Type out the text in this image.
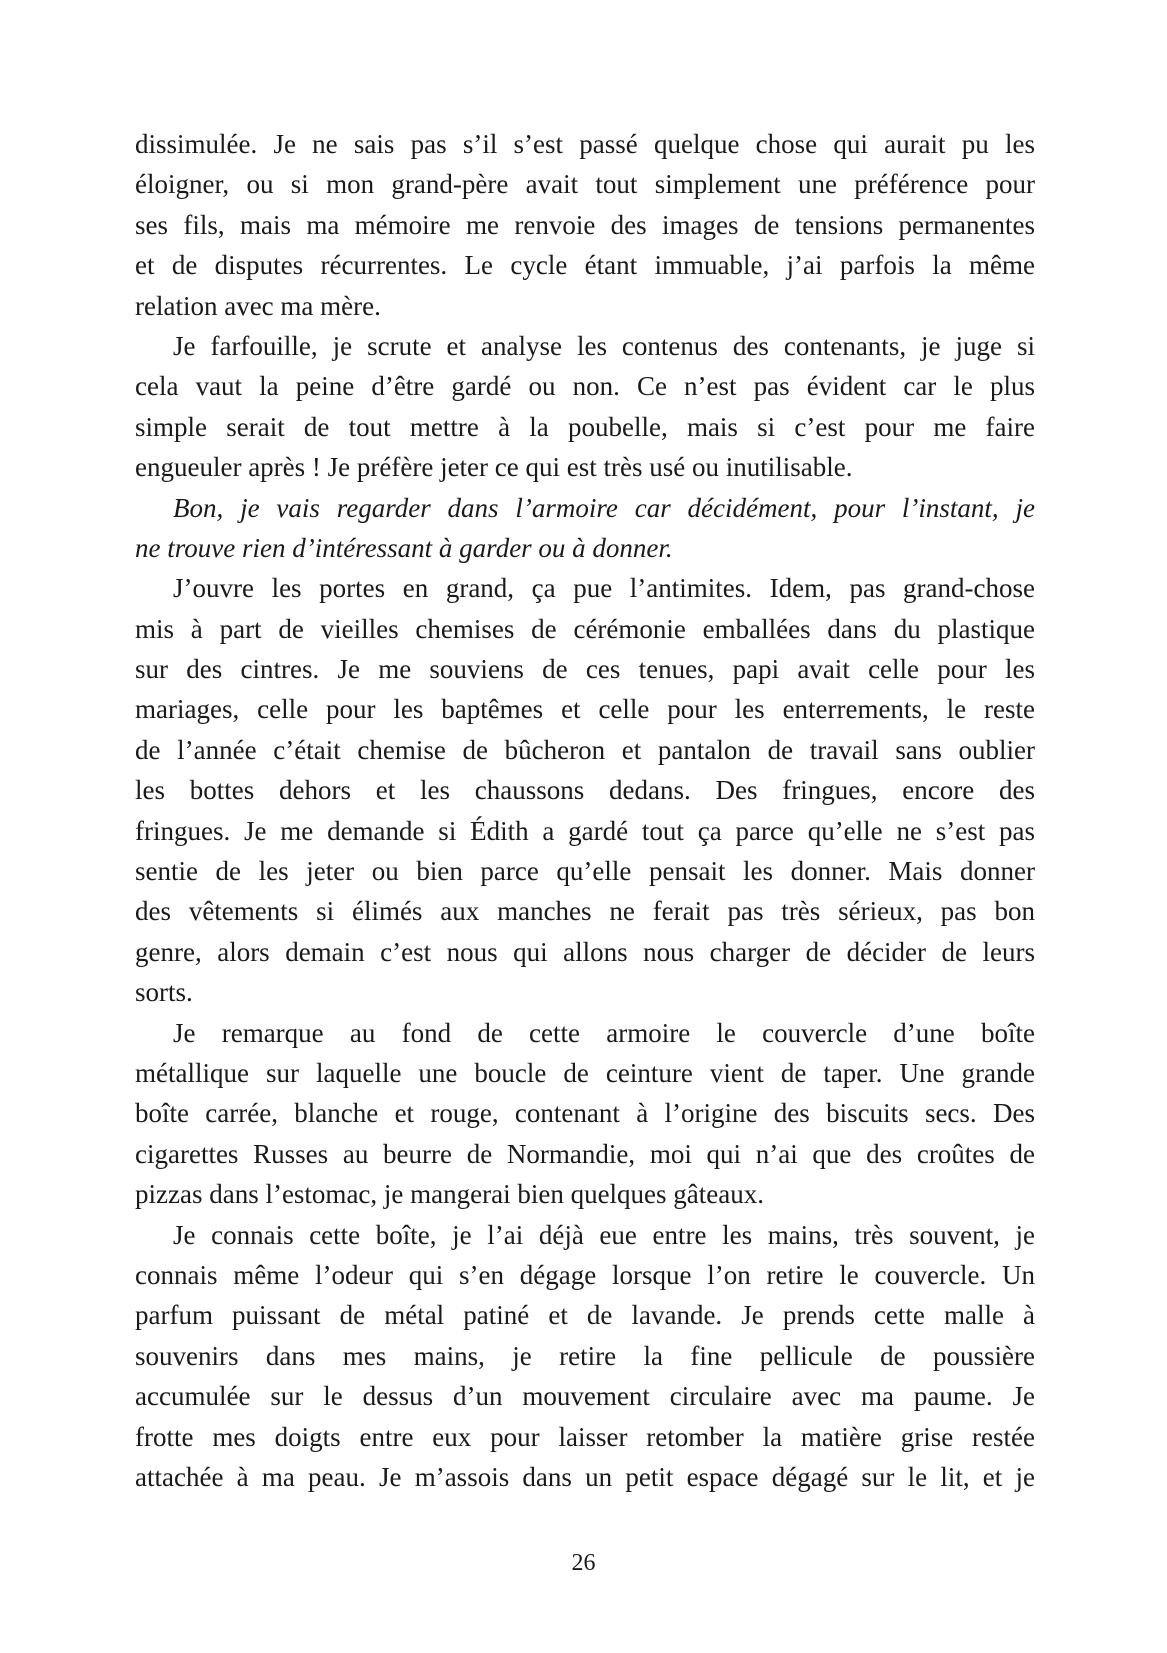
dissimulée. Je ne sais pas s’il s’est passé quelque chose qui aurait pu les
éloigner, ou si mon grand-père avait tout simplement une préférence pour
ses fils, mais ma mémoire me renvoie des images de tensions permanentes
et de disputes récurrentes. Le cycle étant immuable, j’ai parfois la même
relation avec ma mère.
Je farfouille, je scrute et analyse les contenus des contenants, je juge si
cela vaut la peine d’être gardé ou non. Ce n’est pas évident car le plus
simple serait de tout mettre à la poubelle, mais si c’est pour me faire
engueuler après ! Je préfère jeter ce qui est très usé ou inutilisable.
Bon, je vais regarder dans l’armoire car décidément, pour l’instant, je
ne trouve rien d’intéressant à garder ou à donner.
J’ouvre les portes en grand, ça pue l’antimites. Idem, pas grand-chose
mis à part de vieilles chemises de cérémonie emballées dans du plastique
sur des cintres. Je me souviens de ces tenues, papi avait celle pour les
mariages, celle pour les baptêmes et celle pour les enterrements, le reste
de l’année c’était chemise de bûcheron et pantalon de travail sans oublier
les bottes dehors et les chaussons dedans. Des fringues, encore des
fringues. Je me demande si Édith a gardé tout ça parce qu’elle ne s’est pas
sentie de les jeter ou bien parce qu’elle pensait les donner. Mais donner
des vêtements si élimés aux manches ne ferait pas très sérieux, pas bon
genre, alors demain c’est nous qui allons nous charger de décider de leurs
sorts.
Je remarque au fond de cette armoire le couvercle d’une boîte
métallique sur laquelle une boucle de ceinture vient de taper. Une grande
boîte carrée, blanche et rouge, contenant à l’origine des biscuits secs. Des
cigarettes Russes au beurre de Normandie, moi qui n’ai que des croûtes de
pizzas dans l’estomac, je mangerai bien quelques gâteaux.
Je connais cette boîte, je l’ai déjà eue entre les mains, très souvent, je
connais même l’odeur qui s’en dégage lorsque l’on retire le couvercle. Un
parfum puissant de métal patiné et de lavande. Je prends cette malle à
souvenirs dans mes mains, je retire la fine pellicule de poussière
accumulée sur le dessus d’un mouvement circulaire avec ma paume. Je
frotte mes doigts entre eux pour laisser retomber la matière grise restée
attachée à ma peau. Je m’assois dans un petit espace dégagé sur le lit, et je
26
